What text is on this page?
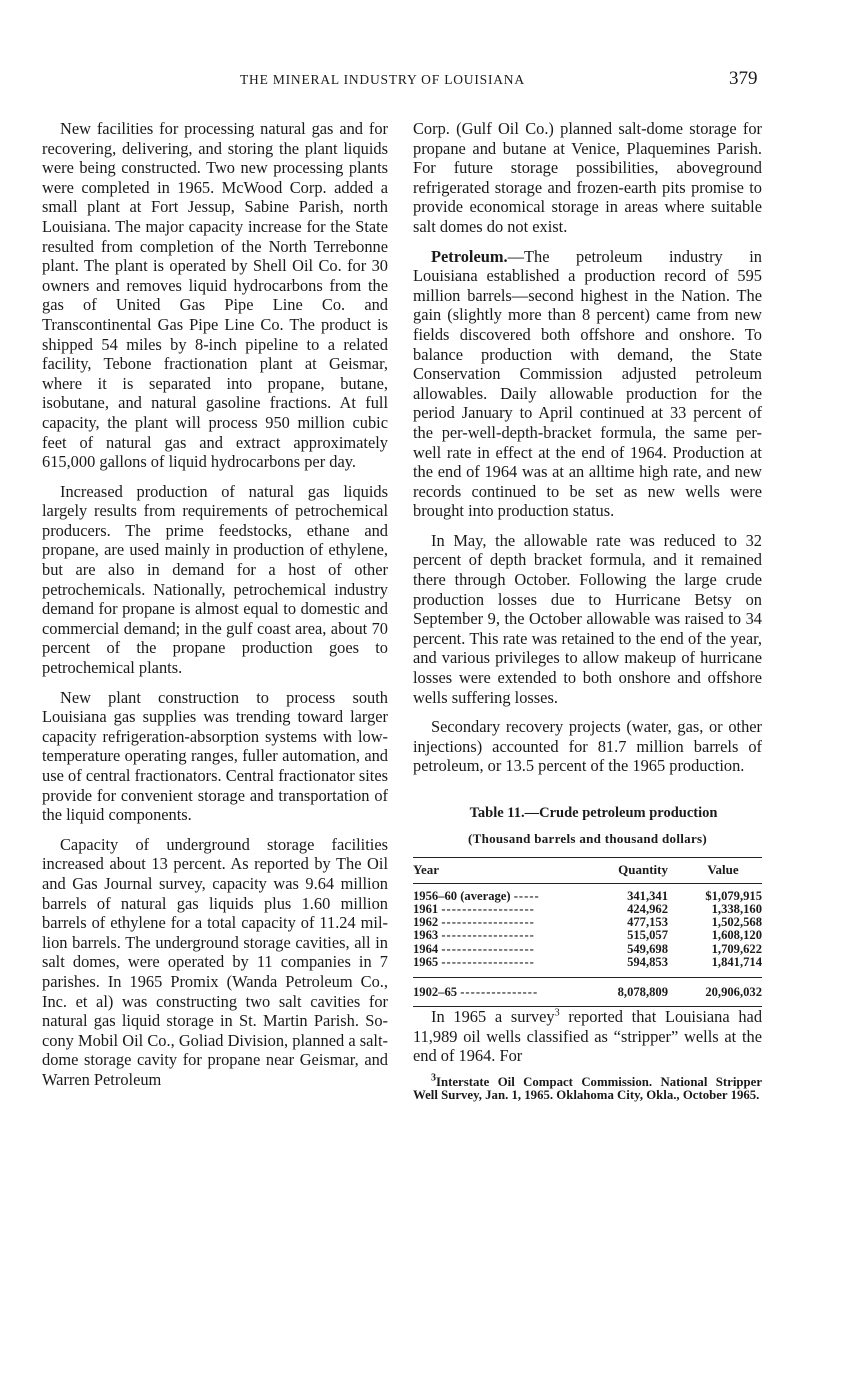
THE MINERAL INDUSTRY OF LOUISIANA	379

New facilities for processing natural gas and for recovering, delivering, and storing the plant liquids were being constructed. Two new processing plants were completed in 1965. McWood Corp. added a small plant at Fort Jessup, Sabine Parish, north Louisiana. The major capacity increase for the State resulted from completion of the North Terrebonne plant. The plant is operated by Shell Oil Co. for 30 owners and removes liquid hydrocarbons from the gas of United Gas Pipe Line Co. and Transcontinental Gas Pipe Line Co. The product is shipped 54 miles by 8-inch pipeline to a related facility, Tebone fractionation plant at Geismar, where it is separated into propane, butane, isobutane, and natural gasoline fractions. At full capacity, the plant will process 950 million cubic feet of natural gas and extract approximately 615,000 gallons of liquid hydrocarbons per day.

Increased production of natural gas liquids largely results from requirements of petrochemical producers. The prime feedstocks, ethane and propane, are used mainly in production of ethylene, but are also in demand for a host of other petrochemicals. Nationally, petrochemical industry demand for propane is almost equal to domestic and commercial demand; in the gulf coast area, about 70 percent of the propane production goes to petrochemical plants.

New plant construction to process south Louisiana gas supplies was trending toward larger capacity refrigeration-absorption systems with low-temperature operating ranges, fuller automation, and use of central fractionators. Central fractionator sites provide for convenient storage and transportation of the liquid components.

Capacity of underground storage facilities increased about 13 percent. As reported by The Oil and Gas Journal survey, capacity was 9.64 million barrels of natural gas liquids plus 1.60 million barrels of ethylene for a total capacity of 11.24 million barrels. The underground storage cavities, all in salt domes, were operated by 11 companies in 7 parishes. In 1965 Promix (Wanda Petroleum Co., Inc. et al) was constructing two salt cavities for natural gas liquid storage in St. Martin Parish. Socony Mobil Oil Co., Goliad Division, planned a salt-dome storage cavity for propane near Geismar, and Warren Petroleum

Corp. (Gulf Oil Co.) planned salt-dome storage for propane and butane at Venice, Plaquemines Parish. For future storage possibilities, aboveground refrigerated storage and frozen-earth pits promise to provide economical storage in areas where suitable salt domes do not exist.

Petroleum.—The petroleum industry in Louisiana established a production record of 595 million barrels—second highest in the Nation. The gain (slightly more than 8 percent) came from new fields discovered both offshore and onshore. To balance production with demand, the State Conservation Commission adjusted petroleum allowables. Daily allowable production for the period January to April continued at 33 percent of the per-well-depth-bracket formula, the same per-well rate in effect at the end of 1964. Production at the end of 1964 was at an alltime high rate, and new records continued to be set as new wells were brought into production status.

In May, the allowable rate was reduced to 32 percent of depth bracket formula, and it remained there through October. Following the large crude production losses due to Hurricane Betsy on September 9, the October allowable was raised to 34 percent. This rate was retained to the end of the year, and various privileges to allow makeup of hurricane losses were extended to both onshore and offshore wells suffering losses.

Secondary recovery projects (water, gas, or other injections) accounted for 81.7 million barrels of petroleum, or 13.5 percent of the 1965 production.

Table 11.—Crude petroleum production
(Thousand barrels and thousand dollars)
Year	Quantity	Value
1956–60 (average) -----	341,341	$1,079,915
1961 ------------------	424,962	1,338,160
1962 ------------------	477,153	1,502,568
1963 ------------------	515,057	1,608,120
1964 ------------------	549,698	1,709,622
1965 ------------------	594,853	1,841,714
1902–65 ---------------	8,078,809	20,906,032

In 1965 a survey$^3$ reported that Louisiana had 11,989 oil wells classified as “stripper” wells at the end of 1964. For

$^3$Interstate Oil Compact Commission. National Stripper Well Survey, Jan. 1, 1965. Oklahoma City, Okla., October 1965.
